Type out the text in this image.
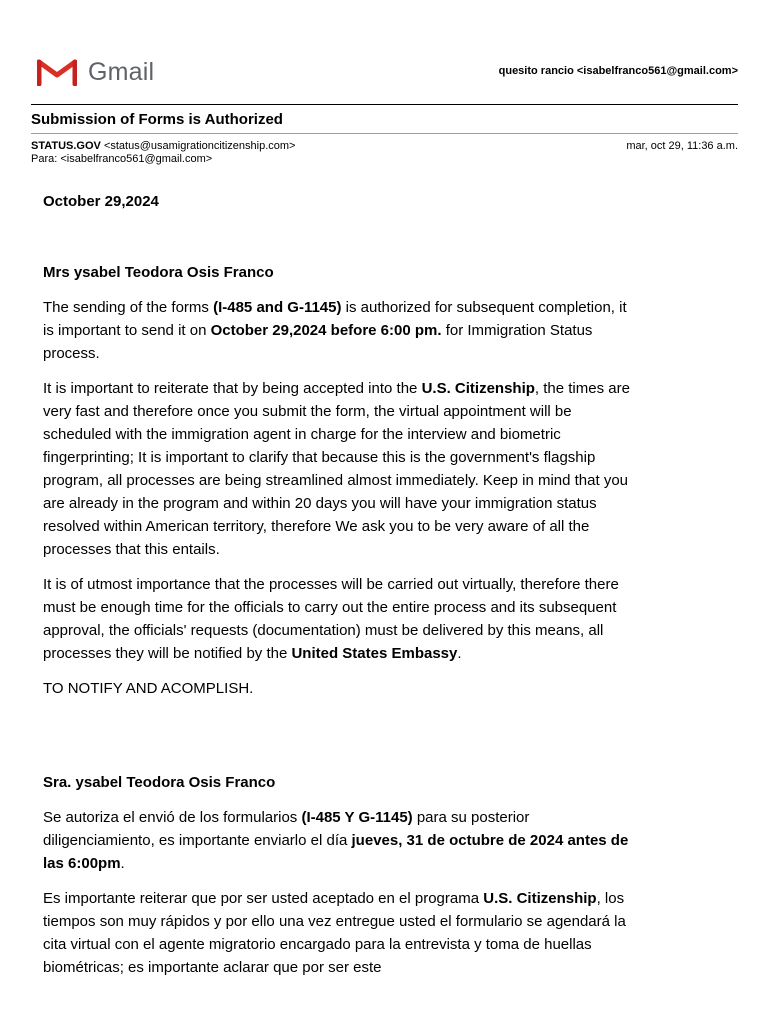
Gmail	quesito rancio <isabelfranco561@gmail.com>
Submission of Forms is Authorized
STATUS.GOV <status@usamigrationcitizenship.com>
Para: <isabelfranco561@gmail.com>
mar, oct 29, 11:36 a.m.

October 29,2024

Mrs ysabel Teodora Osis Franco

The sending of the forms (I-485 and G-1145) is authorized for subsequent completion, it is important to send it on October 29,2024 before 6:00 pm. for Immigration Status process.

It is important to reiterate that by being accepted into the U.S. Citizenship, the times are very fast and therefore once you submit the form, the virtual appointment will be scheduled with the immigration agent in charge for the interview and biometric fingerprinting; It is important to clarify that because this is the government's flagship program, all processes are being streamlined almost immediately. Keep in mind that you are already in the program and within 20 days you will have your immigration status resolved within American territory, therefore We ask you to be very aware of all the processes that this entails.

It is of utmost importance that the processes will be carried out virtually, therefore there must be enough time for the officials to carry out the entire process and its subsequent approval, the officials' requests (documentation) must be delivered by this means, all processes they will be notified by the United States Embassy.

TO NOTIFY AND ACOMPLISH.

Sra. ysabel Teodora Osis Franco

Se autoriza el envió de los formularios (I-485 Y G-1145) para su posterior diligenciamiento, es importante enviarlo el día jueves, 31 de octubre de 2024 antes de las 6:00pm.

Es importante reiterar que por ser usted aceptado en el programa U.S. Citizenship, los tiempos son muy rápidos y por ello una vez entregue usted el formulario se agendará la cita virtual con el agente migratorio encargado para la entrevista y toma de huellas biométricas; es importante aclarar que por ser este
